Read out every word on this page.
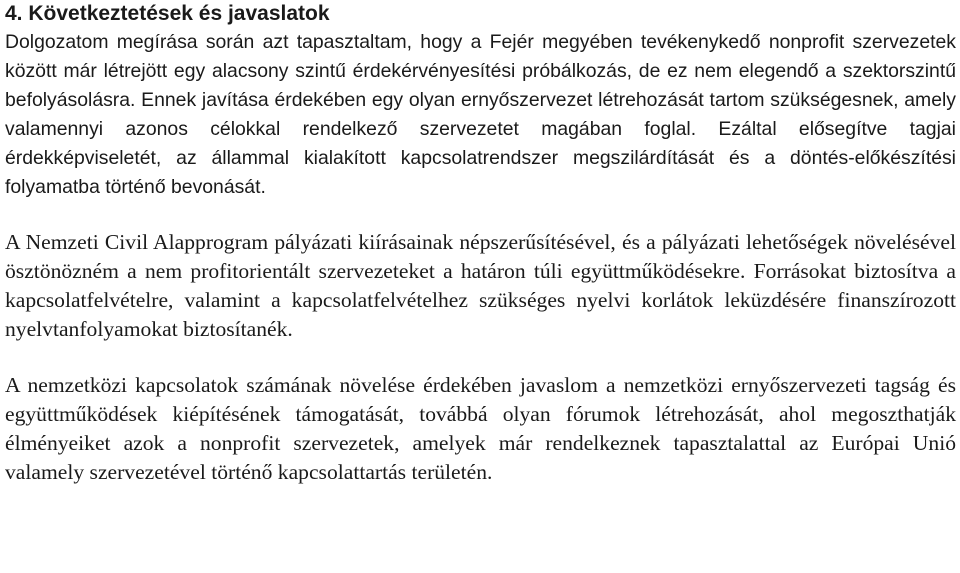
4. Következtetések és javaslatok

Dolgozatom megírása során azt tapasztaltam, hogy a Fejér megyében tevékenykedő nonprofit szervezetek között már létrejött egy alacsony szintű érdekérvényesítési próbálkozás, de ez nem elegendő a szektorszintű befolyásolásra. Ennek javítása érdekében egy olyan ernyőszervezet létrehozását tartom szükségesnek, amely valamennyi azonos célokkal rendelkező szervezetet magában foglal. Ezáltal elősegítve tagjai érdekképviseletét, az állammal kialakított kapcsolatrendszer megszilárdítását és a döntés-előkészítési folyamatba történő bevonását.

A Nemzeti Civil Alapprogram pályázati kiírásainak népszerűsítésével, és a pályázati lehetőségek növelésével ösztönözném a nem profitorientált szervezeteket a határon túli együttműködésekre. Forrásokat biztosítva a kapcsolatfelvételre, valamint a kapcsolatfelvételhez szükséges nyelvi korlátok leküzdésére finanszírozott nyelvtanfolyamokat biztosítanék.

A nemzetközi kapcsolatok számának növelése érdekében javaslom a nemzetközi ernyőszervezeti tagság és együttműködések kiépítésének támogatását, továbbá olyan fórumok létrehozását, ahol megoszthatják élményeiket azok a nonprofit szervezetek, amelyek már rendelkeznek tapasztalattal az Európai Unió valamely szervezetével történő kapcsolattartás területén.
